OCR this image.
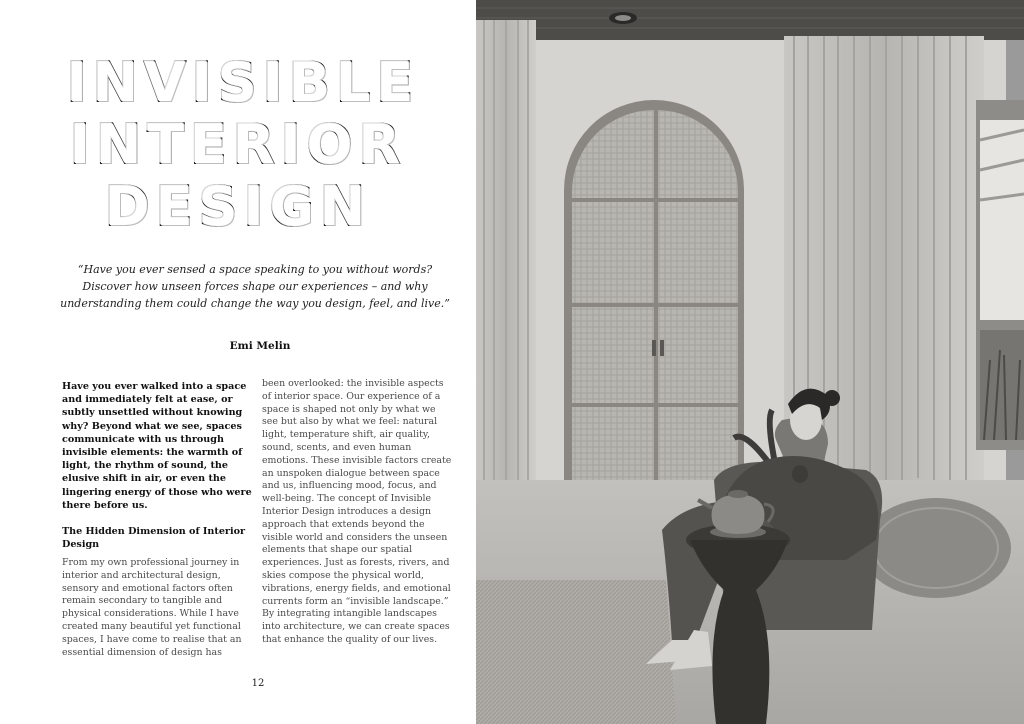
INVISIBLE
INTERIOR
DESIGN
“Have you ever sensed a space speaking to you without words?
Discover how unseen forces shape our experiences – and why
understanding them could change the way you design, feel, and live.”
Emi Melin

Have you ever walked into a space and immediately felt at ease, or subtly unsettled without knowing why? Beyond what we see, spaces communicate with us through invisible elements: the warmth of light, the rhythm of sound, the elusive shift in air, or even the lingering energy of those who were there before us.

The Hidden Dimension of Interior Design

From my own professional journey in interior and architectural design, sensory and emotional factors often remain secondary to tangible and physical considerations. While I have created many beautiful yet functional spaces, I have come to realise that an essential dimension of design has

been overlooked: the invisible aspects of interior space. Our experience of a space is shaped not only by what we see but also by what we feel: natural light, temperature shift, air quality, sound, scents, and even human emotions. These invisible factors create an unspoken dialogue between space and us, influencing mood, focus, and well-being. The concept of Invisible Interior Design introduces a design approach that extends beyond the visible world and considers the unseen elements that shape our spatial experiences. Just as forests, rivers, and skies compose the physical world, vibrations, energy fields, and emotional currents form an “invisible landscape.” By integrating intangible landscapes into architecture, we can create spaces that enhance the quality of our lives.

12
